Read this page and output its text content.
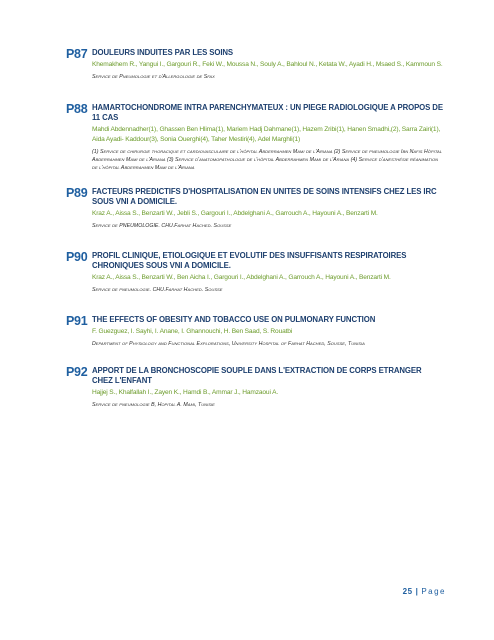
P87 DOULEURS INDUITES PAR LES SOINS
Khemakhem R., Yangui I., Gargouri R., Feki W., Moussa N., Souly A., Bahloul N., Ketata W., Ayadi H., Msaed S., Kammoun S.
Service de Pneumologie et d'Allergologie de Sfax
P88 HAMARTOCHONDROME INTRA PARENCHYMATEUX : UN PIEGE RADIOLOGIQUE A PROPOS DE 11 CAS
Mahdi Abdennadher(1), Ghassen Ben Hlima(1), Mariem Hadj Dahmane(1), Hazem Zribi(1), Hanen Smadhi,(2), Sarra Zairi(1), Aida Ayadi- Kaddour(3), Sonia Ouerghi(4), Taher Mestiri(4), Adel Marghli(1)
(1) Service de chirurgie thoracique et cardiovasculaire de l'hôpital Abderrahmen Mami de l'Ariana (2) Service de pneumologie Ibn Nafis Hôpital Abderrahmen Mami de l'Ariana (3) Service d'anatomopathologie de l'hôpital Abderrahmen Mami de l'Ariana (4) Service d'anesthésie réanimation de l'hôpital Abderrahmen Mami de l'Ariana
P89 FACTEURS PREDICTIFS D'HOSPITALISATION EN UNITES DE SOINS INTENSIFS CHEZ LES IRC SOUS VNI A DOMICILE.
Kraz A., Aissa S., Benzarti W., Jebli S., Gargouri I., Abdelghani A., Garrouch A., Hayouni A., Benzarti M.
Service de PNEUMOLOGIE. CHU.Farhat Hached. Sousse
P90 PROFIL CLINIQUE, ETIOLOGIQUE ET EVOLUTIF DES INSUFFISANTS RESPIRATOIRES CHRONIQUES SOUS VNI A DOMICILE.
Kraz A., Aissa S., Benzarti W., Ben Aicha I., Gargouri I., Abdelghani A., Garrouch A., Hayouni A., Benzarti M.
Service de pneumologie. CHU.Farhat Hached. Sousse
P91 THE EFFECTS OF OBESITY AND TOBACCO USE ON PULMONARY FUNCTION
F. Guezguez, I. Sayhi, I. Anane, I. Ghannouchi, H. Ben Saad, S. Rouatbi
Department of Physiology and Functional Explorations, University Hospital of Farhat Hached, Sousse, Tunisia
P92 APPORT DE LA BRONCHOSCOPIE SOUPLE DANS L'EXTRACTION DE CORPS ETRANGER CHEZ L'ENFANT
Hajjej S., Khalfallah I., Zayen K., Hamdi B., Ammar J., Hamzaoui A.
Service de pneumologie B, Hopital A. Mami, Tunisie
25 | Page
